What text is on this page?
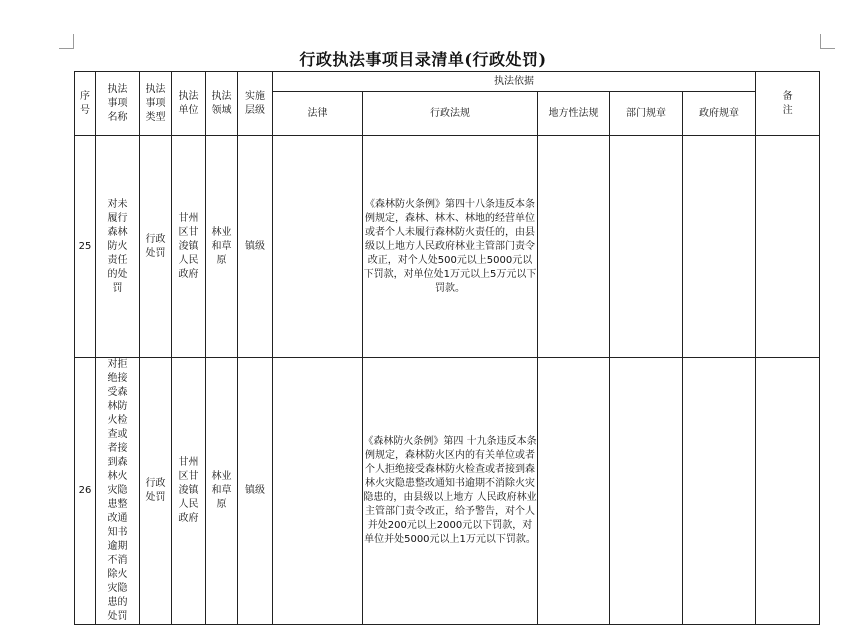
行政执法事项目录清单(行政处罚)
序号	执法事项名称	执法事项类型	执法单位	执法领域	实施层级	执法依据					备注

						法律	行政法规	地方性法规	部门规章	政府规章	
25	对未履行森林防火责任的处罚	行政处罚	甘州区甘浚镇人民政府	林业和草原	镇级		《森林防火条例》第四十八条违反本条例规定，森林、林木、林地的经营单位或者个人未履行森林防火责任的，由县级以上地方人民政府林业主管部门责令改正，对个人处500元以上5000元以下罚款，对单位处1万元以上5万元以下罚款。				
26	对拒绝接受森林防火检查或者接到森林火灾隐患整改通知书逾期不消除火灾隐患的处罚	行政处罚	甘州区甘浚镇人民政府	林业和草原	镇级		《森林防火条例》第四 十九条违反本条例规定，森林防火区内的有关单位或者个人拒绝接受森林防火检查或者接到森林火灾隐患整改通知书逾期不消除火灾隐患的，由县级以上地方 人民政府林业主管部门责令改正，给予警告，对个人并处200元以上2000元以下罚款，对单位并处5000元以上1万元以下罚款。				
